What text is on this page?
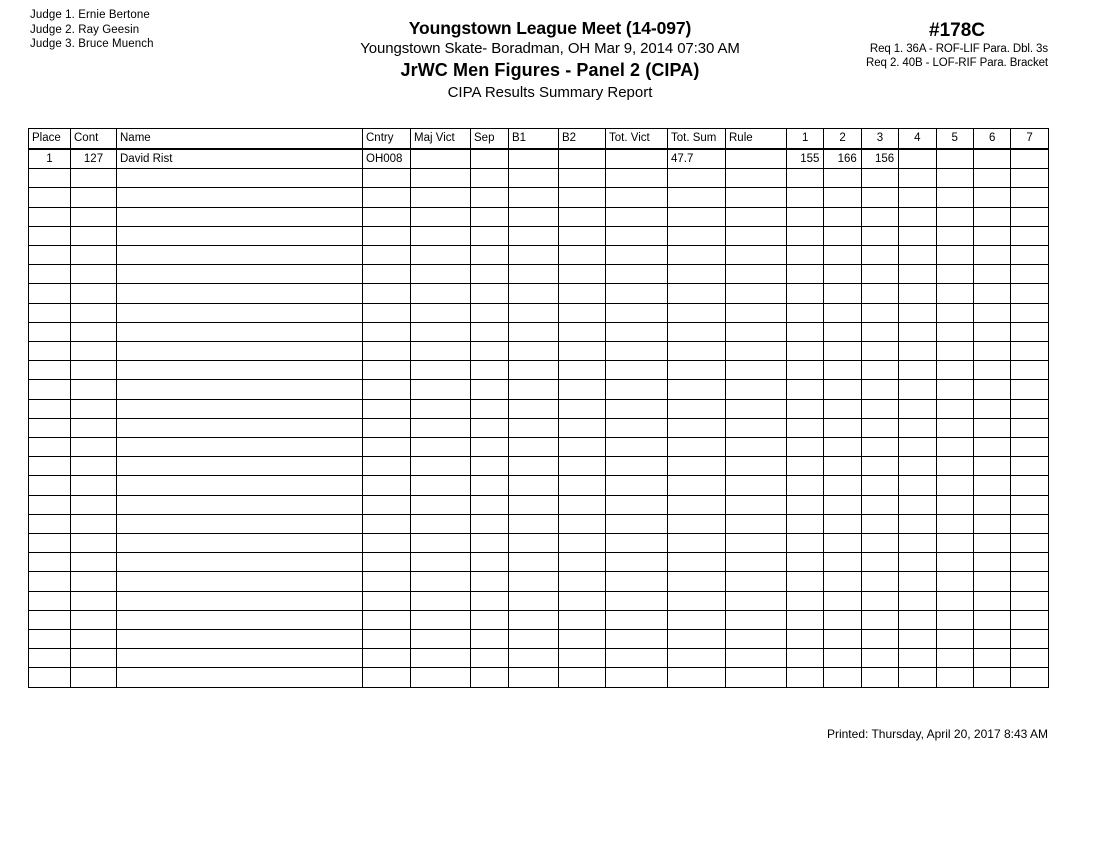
Judge 1. Ernie Bertone
Judge 2. Ray Geesin
Judge 3. Bruce Muench
Youngstown League Meet (14-097)
Youngstown Skate- Boradman, OH Mar 9, 2014 07:30 AM
JrWC Men Figures - Panel 2 (CIPA)
CIPA Results Summary Report
#178C
Req 1. 36A - ROF-LIF Para. Dbl. 3s
Req 2. 40B - LOF-RIF Para. Bracket
Place	Cont	Name	Cntry	Maj Vict	Sep	B1	B2	Tot. Vict	Tot. Sum	Rule	1	2	3	4	5	6	7
1	127	David Rist	OH008						47.7		155	166	156				

Printed: Thursday, April 20, 2017 8:43 AM
